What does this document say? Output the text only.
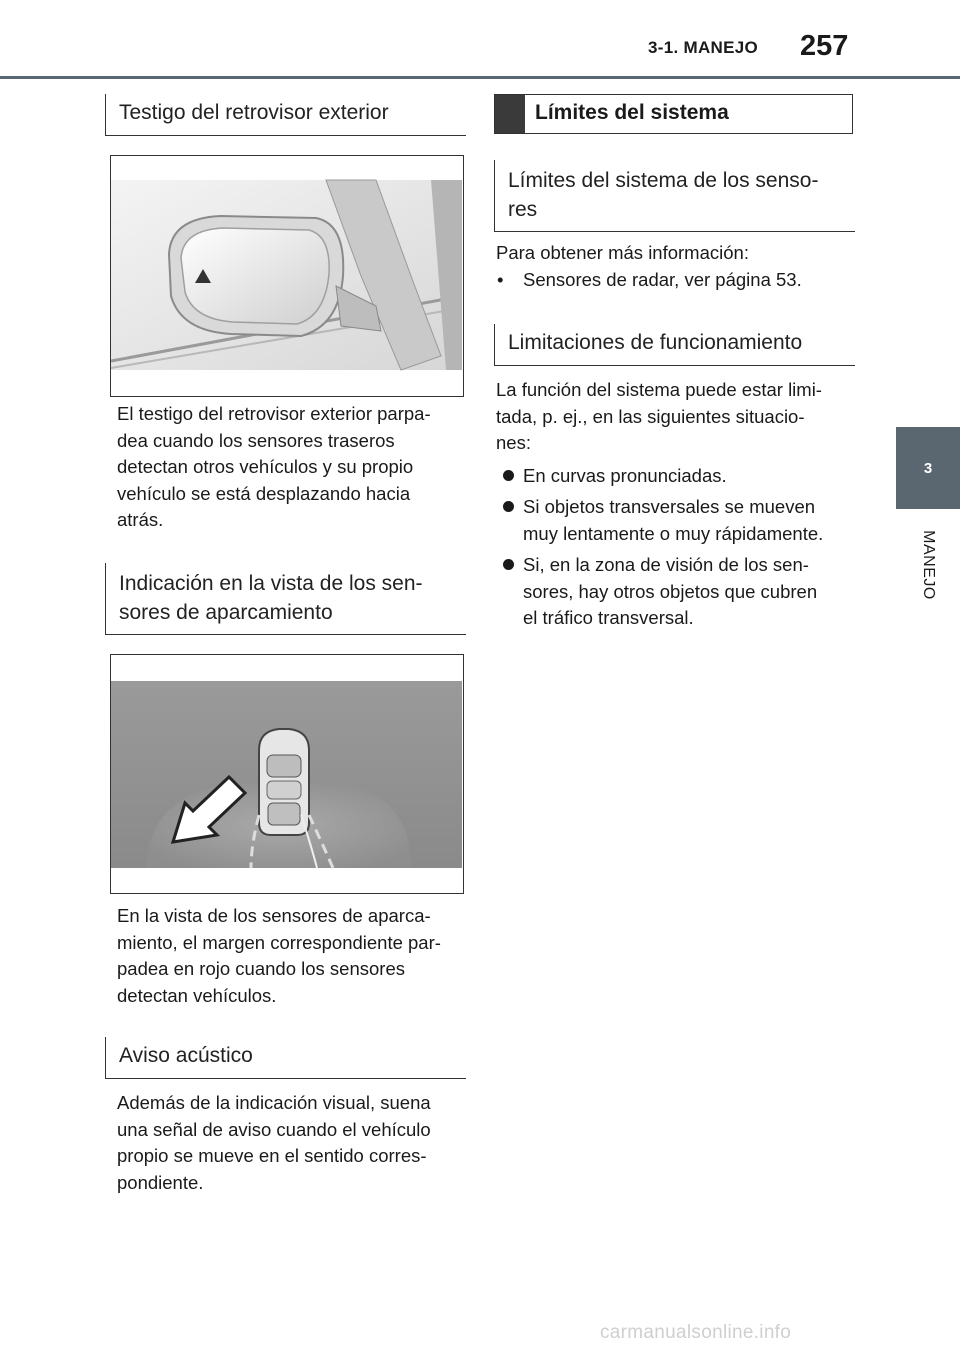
3-1. MANEJO 257
3
MANEJO
Testigo del retrovisor exterior

El testigo del retrovisor exterior parpa-

dea cuando los sensores traseros

detectan otros vehículos y su propio

vehículo se está desplazando hacia

atrás.

Indicación en la vista de los sen-
sores de aparcamiento

En la vista de los sensores de aparca-

miento, el margen correspondiente par-

padea en rojo cuando los sensores

detectan vehículos.

Aviso acústico

Además de la indicación visual, suena

una señal de aviso cuando el vehículo

propio se mueve en el sentido corres-

pondiente.

Límites del sistema
Límites del sistema de los senso-
res

Para obtener más información:

• Sensores de radar, ver página 53.
Limitaciones de funcionamiento

La función del sistema puede estar limi-

tada, p. ej., en las siguientes situacio-

nes:

En curvas pronunciadas.
Si objetos transversales se mueven
muy lentamente o muy rápidamente.
Si, en la zona de visión de los sen-
sores, hay otros objetos que cubren
el tráfico transversal.
carmanualsonline.info
